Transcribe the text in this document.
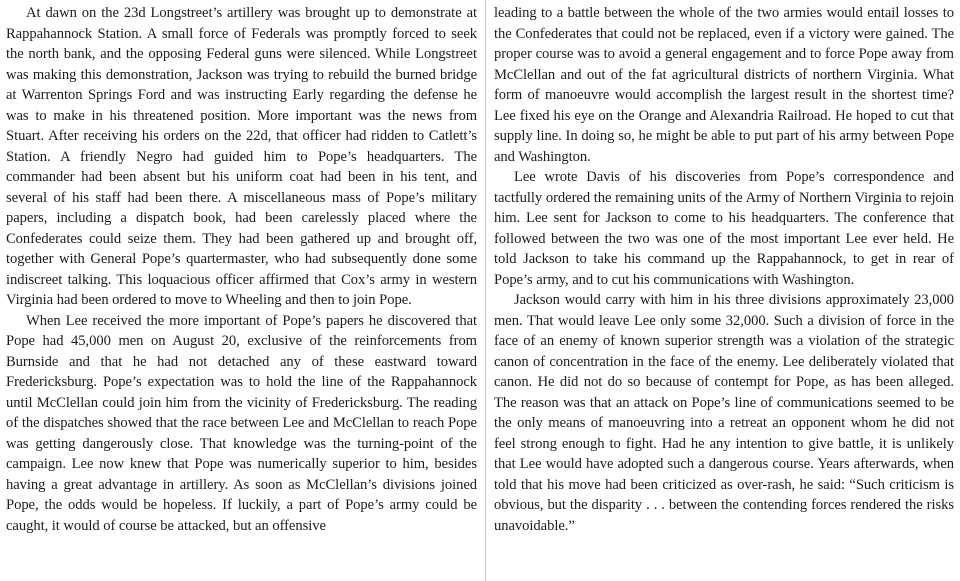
At dawn on the 23d Longstreet’s artillery was brought up to demonstrate at Rappahannock Station. A small force of Federals was promptly forced to seek the north bank, and the opposing Federal guns were silenced. While Longstreet was making this demonstration, Jackson was trying to rebuild the burned bridge at Warrenton Springs Ford and was instructing Early regarding the defense he was to make in his threatened position. More important was the news from Stuart. After receiving his orders on the 22d, that officer had ridden to Catlett’s Station. A friendly Negro had guided him to Pope’s headquarters. The commander had been absent but his uniform coat had been in his tent, and several of his staff had been there. A miscellaneous mass of Pope’s military papers, including a dispatch book, had been carelessly placed where the Confederates could seize them. They had been gathered up and brought off, together with General Pope’s quartermaster, who had subsequently done some indiscreet talking. This loquacious officer affirmed that Cox’s army in western Virginia had been ordered to move to Wheeling and then to join Pope.

When Lee received the more important of Pope’s papers he discovered that Pope had 45,000 men on August 20, exclusive of the reinforcements from Burnside and that he had not detached any of these eastward toward Fredericksburg. Pope’s expectation was to hold the line of the Rappahannock until McClellan could join him from the vicinity of Fredericksburg. The reading of the dispatches showed that the race between Lee and McClellan to reach Pope was getting dangerously close. That knowledge was the turning-point of the campaign. Lee now knew that Pope was numerically superior to him, besides having a great advantage in artillery. As soon as McClellan’s divisions joined Pope, the odds would be hopeless. If luckily, a part of Pope’s army could be caught, it would of course be attacked, but an offensive

leading to a battle between the whole of the two armies would entail losses to the Confederates that could not be replaced, even if a victory were gained. The proper course was to avoid a general engagement and to force Pope away from McClellan and out of the fat agricultural districts of northern Virginia. What form of manoeuvre would accomplish the largest result in the shortest time? Lee fixed his eye on the Orange and Alexandria Railroad. He hoped to cut that supply line. In doing so, he might be able to put part of his army between Pope and Washington.

Lee wrote Davis of his discoveries from Pope’s correspondence and tactfully ordered the remaining units of the Army of Northern Virginia to rejoin him. Lee sent for Jackson to come to his headquarters. The conference that followed between the two was one of the most important Lee ever held. He told Jackson to take his command up the Rappahannock, to get in rear of Pope’s army, and to cut his communications with Washington.

Jackson would carry with him in his three divisions approximately 23,000 men. That would leave Lee only some 32,000. Such a division of force in the face of an enemy of known superior strength was a violation of the strategic canon of concentration in the face of the enemy. Lee deliberately violated that canon. He did not do so because of contempt for Pope, as has been alleged. The reason was that an attack on Pope’s line of communications seemed to be the only means of manoeuvring into a retreat an opponent whom he did not feel strong enough to fight. Had he any intention to give battle, it is unlikely that Lee would have adopted such a dangerous course. Years afterwards, when told that his move had been criticized as over-rash, he said: “Such criticism is obvious, but the disparity . . . between the contending forces rendered the risks unavoidable.”
